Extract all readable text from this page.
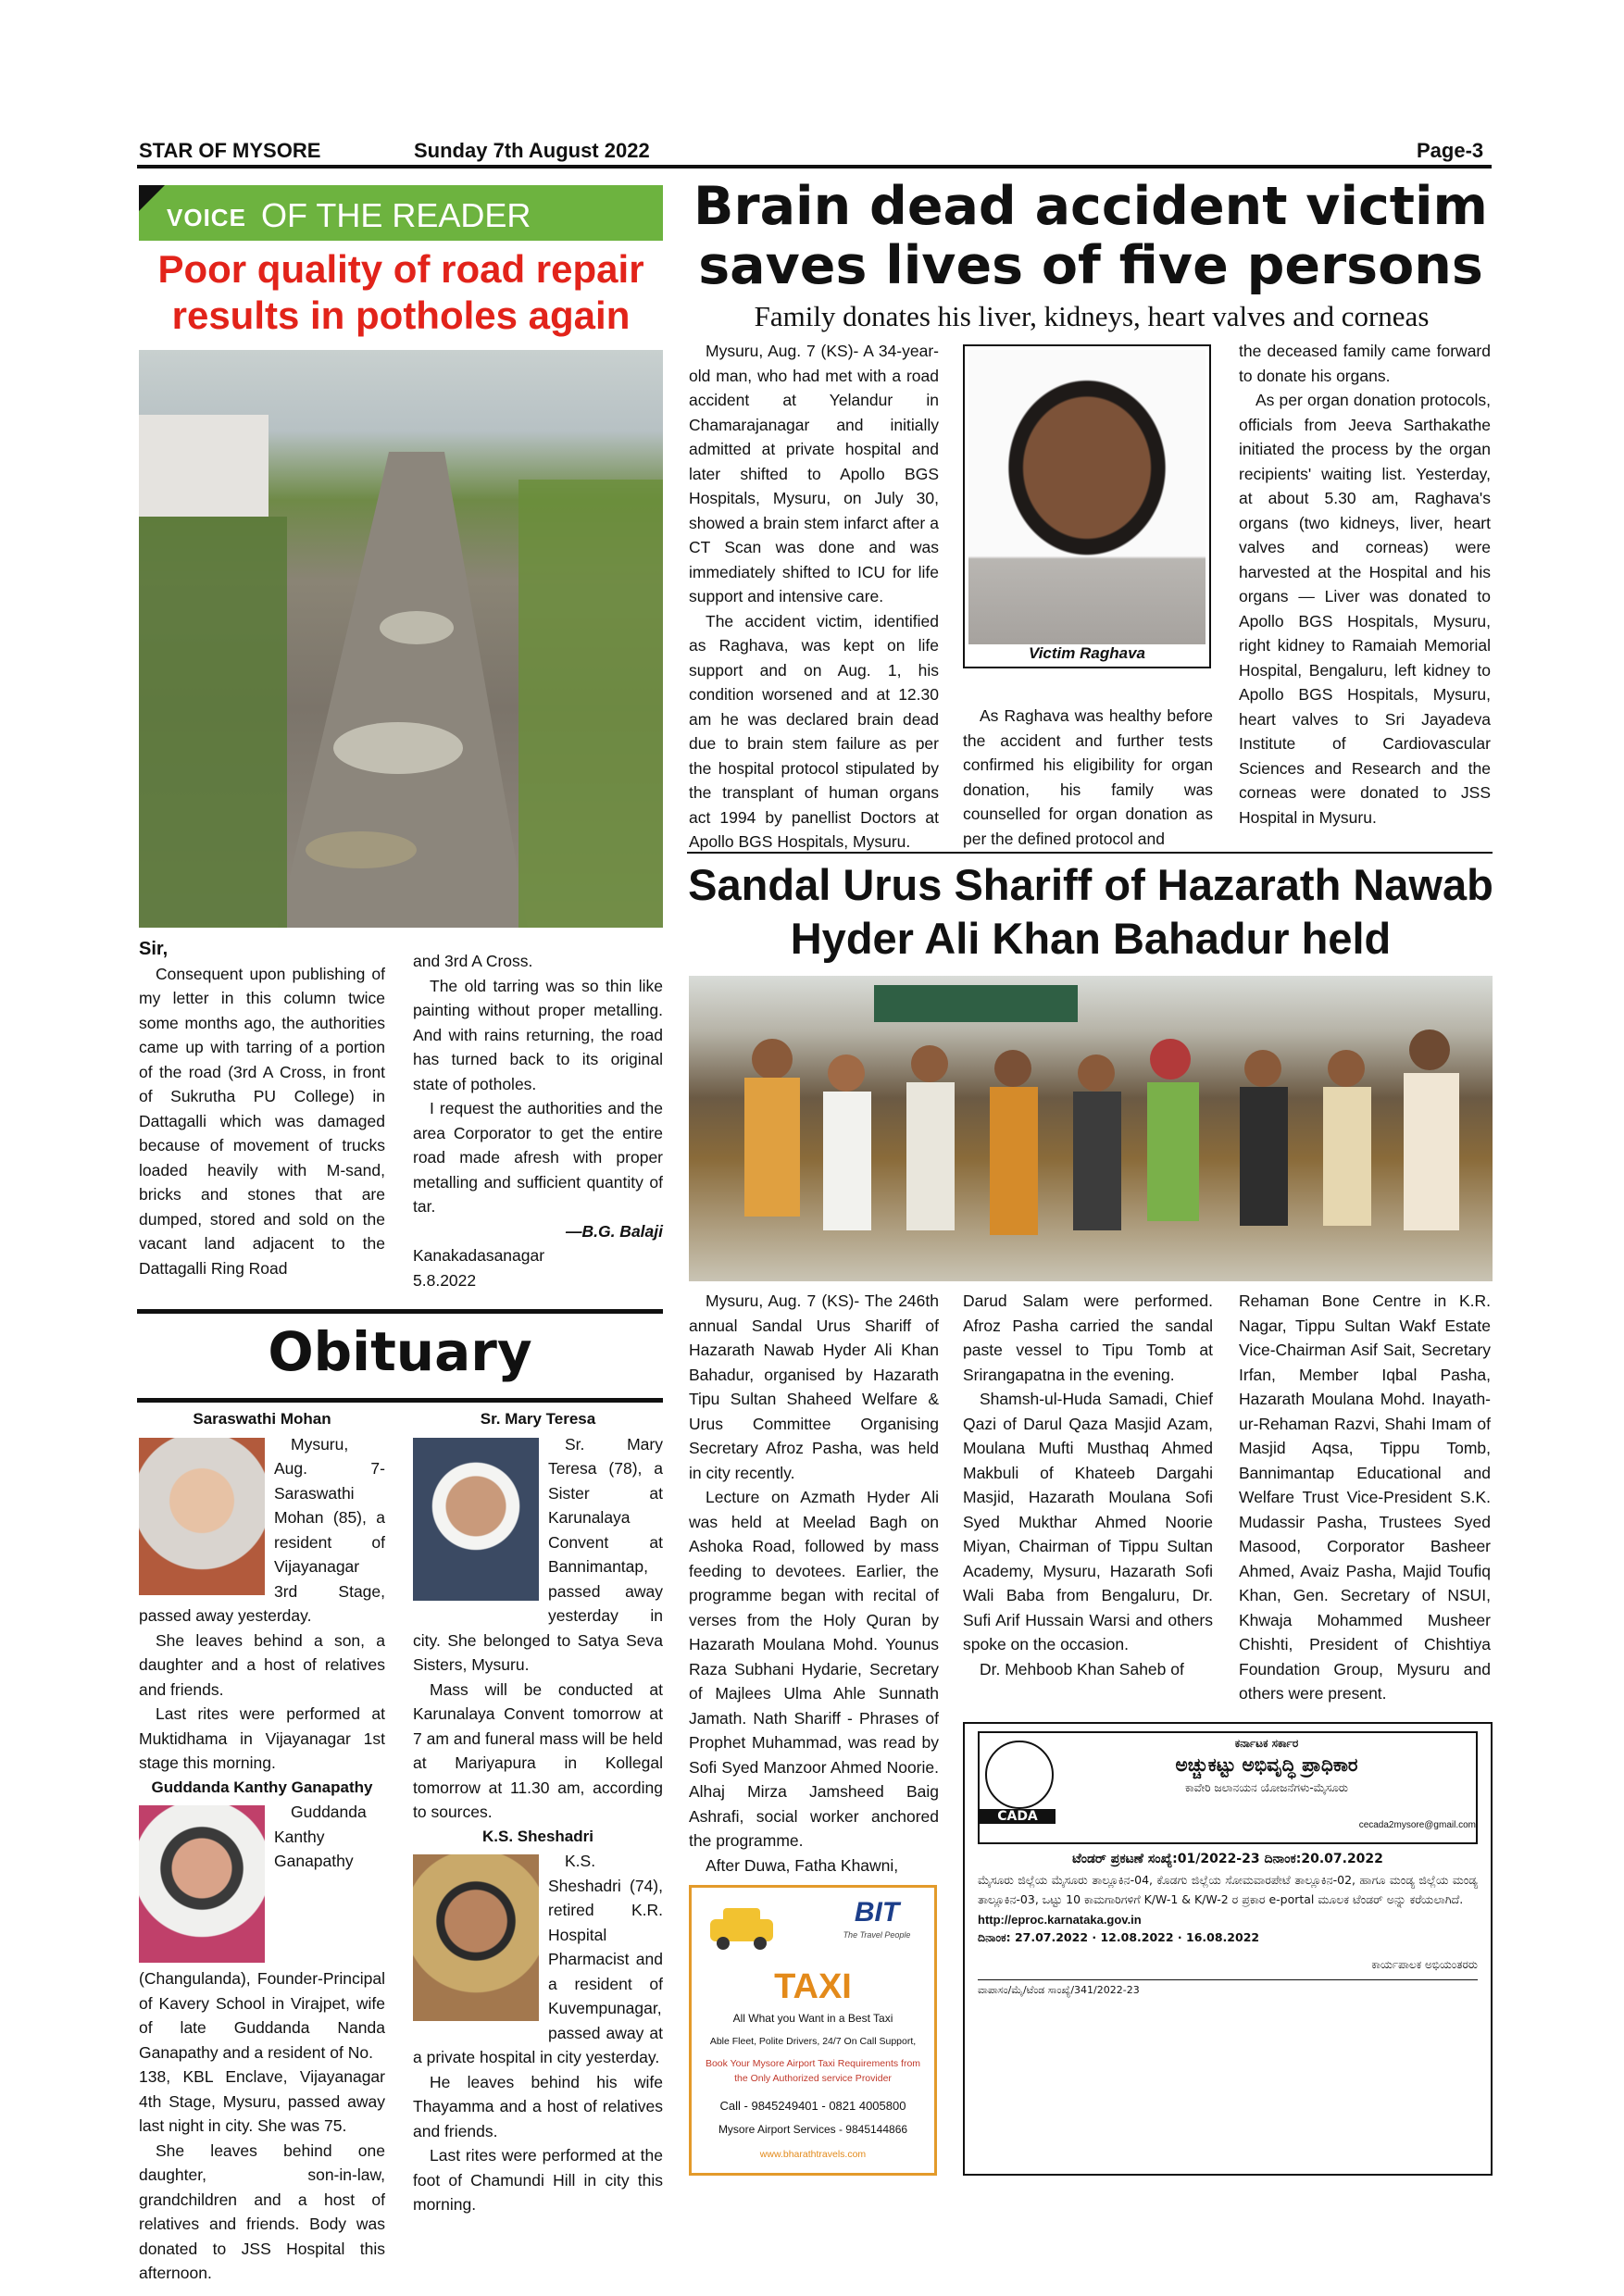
STAR OF MYSORE	Sunday 7th August 2022	Page-3
VOICE OF THE READER
Poor quality of road repair results in potholes again
Sir,

Consequent upon publishing of my letter in this column twice some months ago, the authorities came up with tarring of a portion of the road (3rd A Cross, in front of Sukrutha PU College) in Dattagalli which was damaged because of movement of trucks loaded heavily with M-sand, bricks and stones that are dumped, stored and sold on the vacant land adjacent to the Dattagalli Ring Road

and 3rd A Cross.

The old tarring was so thin like painting without proper metalling. And with rains returning, the road has turned back to its original state of potholes.

I request the authorities and the area Corporator to get the entire road made afresh with proper metalling and sufficient quantity of tar.

—B.G. Balaji
Kanakadasanagar
5.8.2022
Obituary
Saraswathi Mohan

Mysuru, Aug. 7- Saraswathi Mohan (85), a resident of Vijayanagar 3rd Stage, passed away yesterday.

She leaves behind a son, a daughter and a host of relatives and friends.

Last rites were performed at Muktidhama in Vijayanagar 1st stage this morning.

Guddanda Kanthy Ganapathy

Guddanda Kanthy Ganapathy (Changulanda), Founder-Principal of Kavery School in Virajpet, wife of late Guddanda Nanda Ganapathy and a resident of No.

138, KBL Enclave, Vijayanagar 4th Stage, Mysuru, passed away last night in city. She was 75.

She leaves behind one daughter, son-in-law, grandchildren and a host of relatives and friends. Body was donated to JSS Hospital this afternoon.

Sr. Mary Teresa

Sr. Mary Teresa (78), a Sister at Karunalaya Convent at Bannimantap, passed away yesterday in city. She belonged to Satya Seva Sisters, Mysuru.

Mass will be conducted at Karunalaya Convent tomorrow at 7 am and funeral mass will be held at Mariyapura in Kollegal tomorrow at 11.30 am, according to sources.

K.S. Sheshadri

K.S. Sheshadri (74), retired K.R. Hospital Pharmacist and a resident of Kuvempunagar, passed away at a private hospital in city yesterday.

He leaves behind his wife Thayamma and a host of relatives and friends.

Last rites were performed at the foot of Chamundi Hill in city this morning.

Brain dead accident victim
saves lives of five persons
Family donates his liver, kidneys, heart valves and corneas

Mysuru, Aug. 7 (KS)- A 34-year-old man, who had met with a road accident at Yelandur in Chamarajanagar and initially admitted at private hospital and later shifted to Apollo BGS Hospitals, Mysuru, on July 30, showed a brain stem infarct after a CT Scan was done and was immediately shifted to ICU for life support and intensive care.

The accident victim, identified as Raghava, was kept on life support and on Aug. 1, his condition worsened and at 12.30 am he was declared brain dead due to brain stem failure as per the hospital protocol stipulated by the transplant of human organs act 1994 by panellist Doctors at Apollo BGS Hospitals, Mysuru.

Victim Raghava

As Raghava was healthy before the accident and further tests confirmed his eligibility for organ donation, his family was counselled for organ donation as per the defined protocol and

the deceased family came forward to donate his organs.

As per organ donation protocols, officials from Jeeva Sarthakathe initiated the process by the organ recipients' waiting list. Yesterday, at about 5.30 am, Raghava's organs (two kidneys, liver, heart valves and corneas) were harvested at the Hospital and his organs — Liver was donated to Apollo BGS Hospitals, Mysuru, right kidney to Ramaiah Memorial Hospital, Bengaluru, left kidney to Apollo BGS Hospitals, Mysuru, heart valves to Sri Jayadeva Institute of Cardiovascular Sciences and Research and the corneas were donated to JSS Hospital in Mysuru.

Sandal Urus Shariff of Hazarath Nawab
Hyder Ali Khan Bahadur held

Mysuru, Aug. 7 (KS)- The 246th annual Sandal Urus Shariff of Hazarath Nawab Hyder Ali Khan Bahadur, organised by Hazarath Tipu Sultan Shaheed Welfare & Urus Committee Organising Secretary Afroz Pasha, was held in city recently.

Lecture on Azmath Hyder Ali was held at Meelad Bagh on Ashoka Road, followed by mass feeding to devotees. Earlier, the programme began with recital of verses from the Holy Quran by Hazarath Moulana Mohd. Younus Raza Subhani Hydarie, Secretary of Majlees Ulma Ahle Sunnath Jamath. Nath Shariff - Phrases of Prophet Muhammad, was read by Sofi Syed Manzoor Ahmed Noorie. Alhaj Mirza Jamsheed Baig Ashrafi, social worker anchored the programme.

After Duwa, Fatha Khawni,

Darud Salam were performed. Afroz Pasha carried the sandal paste vessel to Tipu Tomb at Srirangapatna in the evening.

Shamsh-ul-Huda Samadi, Chief Qazi of Darul Qaza Masjid Azam, Moulana Mufti Musthaq Ahmed Makbuli of Khateeb Dargahi Masjid, Hazarath Moulana Sofi Syed Mukthar Ahmed Noorie Miyan, Chairman of Tippu Sultan Academy, Mysuru, Hazarath Sofi Wali Baba from Bengaluru, Dr. Sufi Arif Hussain Warsi and others spoke on the occasion.

Dr. Mehboob Khan Saheb of

Rehaman Bone Centre in K.R. Nagar, Tippu Sultan Wakf Estate Vice-Chairman Asif Sait, Secretary Irfan, Member Iqbal Pasha, Hazarath Moulana Mohd. Inayath-ur-Rehaman Razvi, Shahi Imam of Masjid Aqsa, Tippu Tomb, Bannimantap Educational and Welfare Trust Vice-President S.K. Mudassir Pasha, Trustees Syed Masood, Corporator Basheer Ahmed, Avaiz Pasha, Majid Toufiq Khan, Gen. Secretary of NSUI, Khwaja Mohammed Musheer Chishti, President of Chishtiya Foundation Group, Mysuru and others were present.
BIT
The Travel People
TAXI
All What you Want in a Best Taxi
Able Fleet, Polite Drivers, 24/7 On Call Support,
Book Your Mysore Airport Taxi Requirements from the Only Authorized service Provider
Call - 9845249401 - 0821 4005800
Mysore Airport Services - 9845144866
www.bharathtravels.com
CADA
ಕರ್ನಾಟಕ ಸರ್ಕಾರ
ಅಚ್ಚುಕಟ್ಟು ಅಭಿವೃದ್ಧಿ ಪ್ರಾಧಿಕಾರ
ಕಾವೇರಿ ಜಲಾನಯನ ಯೋಜನೆಗಳು-ಮೈಸೂರು
cecada2mysore@gmail.com
ಟೆಂಡರ್ ಪ್ರಕಟಣೆ ಸಂಖ್ಯೆ:01/2022-23 ದಿನಾಂಕ:20.07.2022
ಮೈಸೂರು ಜಿಲ್ಲೆಯ ಮೈಸೂರು ತಾಲ್ಲೂಕಿನ-04, ಕೊಡಗು ಜಿಲ್ಲೆಯ ಸೋಮವಾರಪೇಟೆ ತಾಲ್ಲೂಕಿನ-02, ಹಾಗೂ ಮಂಡ್ಯ ಜಿಲ್ಲೆಯ ಮಂಡ್ಯ ತಾಲ್ಲೂಕಿನ-03, ಒಟ್ಟು 10 ಕಾಮಗಾರಿಗಳಿಗೆ K/W-1 & K/W-2 ರ ಪ್ರಕಾರ e-portal ಮೂಲಕ ಟೆಂಡರ್ ಅನ್ನು ಕರೆಯಲಾಗಿದೆ.
http://eproc.karnataka.gov.in
ದಿನಾಂಕ: 27.07.2022 · 12.08.2022 · 16.08.2022
ಕಾರ್ಯಪಾಲಕ ಅಭಿಯಂತರರು
ವಾಪಾಸಂ/ಮೈ/ಟೆಂಡ ಸಾಂಖ್ಯೆ/341/2022-23
